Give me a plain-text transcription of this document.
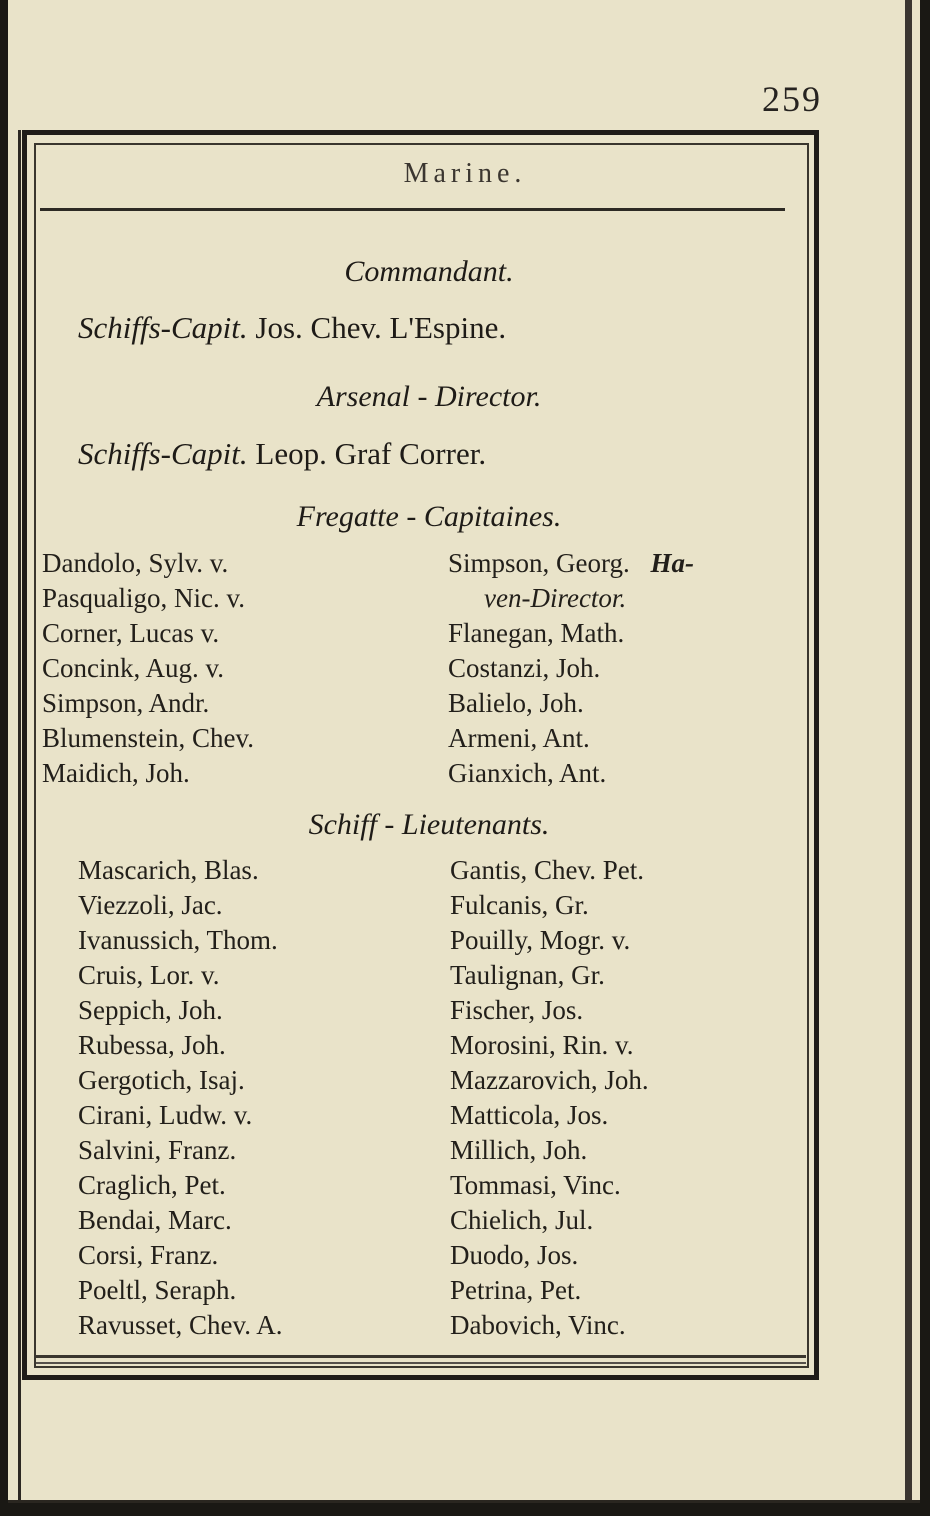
259
Marine.
Commandant.
Schiffs-Capit. Jos. Chev. L'Espine.
Arsenal - Director.
Schiffs-Capit. Leop. Graf Correr.
Fregatte - Capitaines.
Dandolo, Sylv. v.
Pasqualigo, Nic. v.
Corner, Lucas v.
Concink, Aug. v.
Simpson, Andr.
Blumenstein, Chev.
Maidich, Joh.
Simpson, Georg. Ha-
ven-Director.
Flanegan, Math.
Costanzi, Joh.
Balielo, Joh.
Armeni, Ant.
Gianxich, Ant.
Schiff - Lieutenants.
Mascarich, Blas.
Viezzoli, Jac.
Ivanussich, Thom.
Cruis, Lor. v.
Seppich, Joh.
Rubessa, Joh.
Gergotich, Isaj.
Cirani, Ludw. v.
Salvini, Franz.
Craglich, Pet.
Bendai, Marc.
Corsi, Franz.
Poeltl, Seraph.
Ravusset, Chev. A.
Gantis, Chev. Pet.
Fulcanis, Gr.
Pouilly, Mogr. v.
Taulignan, Gr.
Fischer, Jos.
Morosini, Rin. v.
Mazzarovich, Joh.
Matticola, Jos.
Millich, Joh.
Tommasi, Vinc.
Chielich, Jul.
Duodo, Jos.
Petrina, Pet.
Dabovich, Vinc.
